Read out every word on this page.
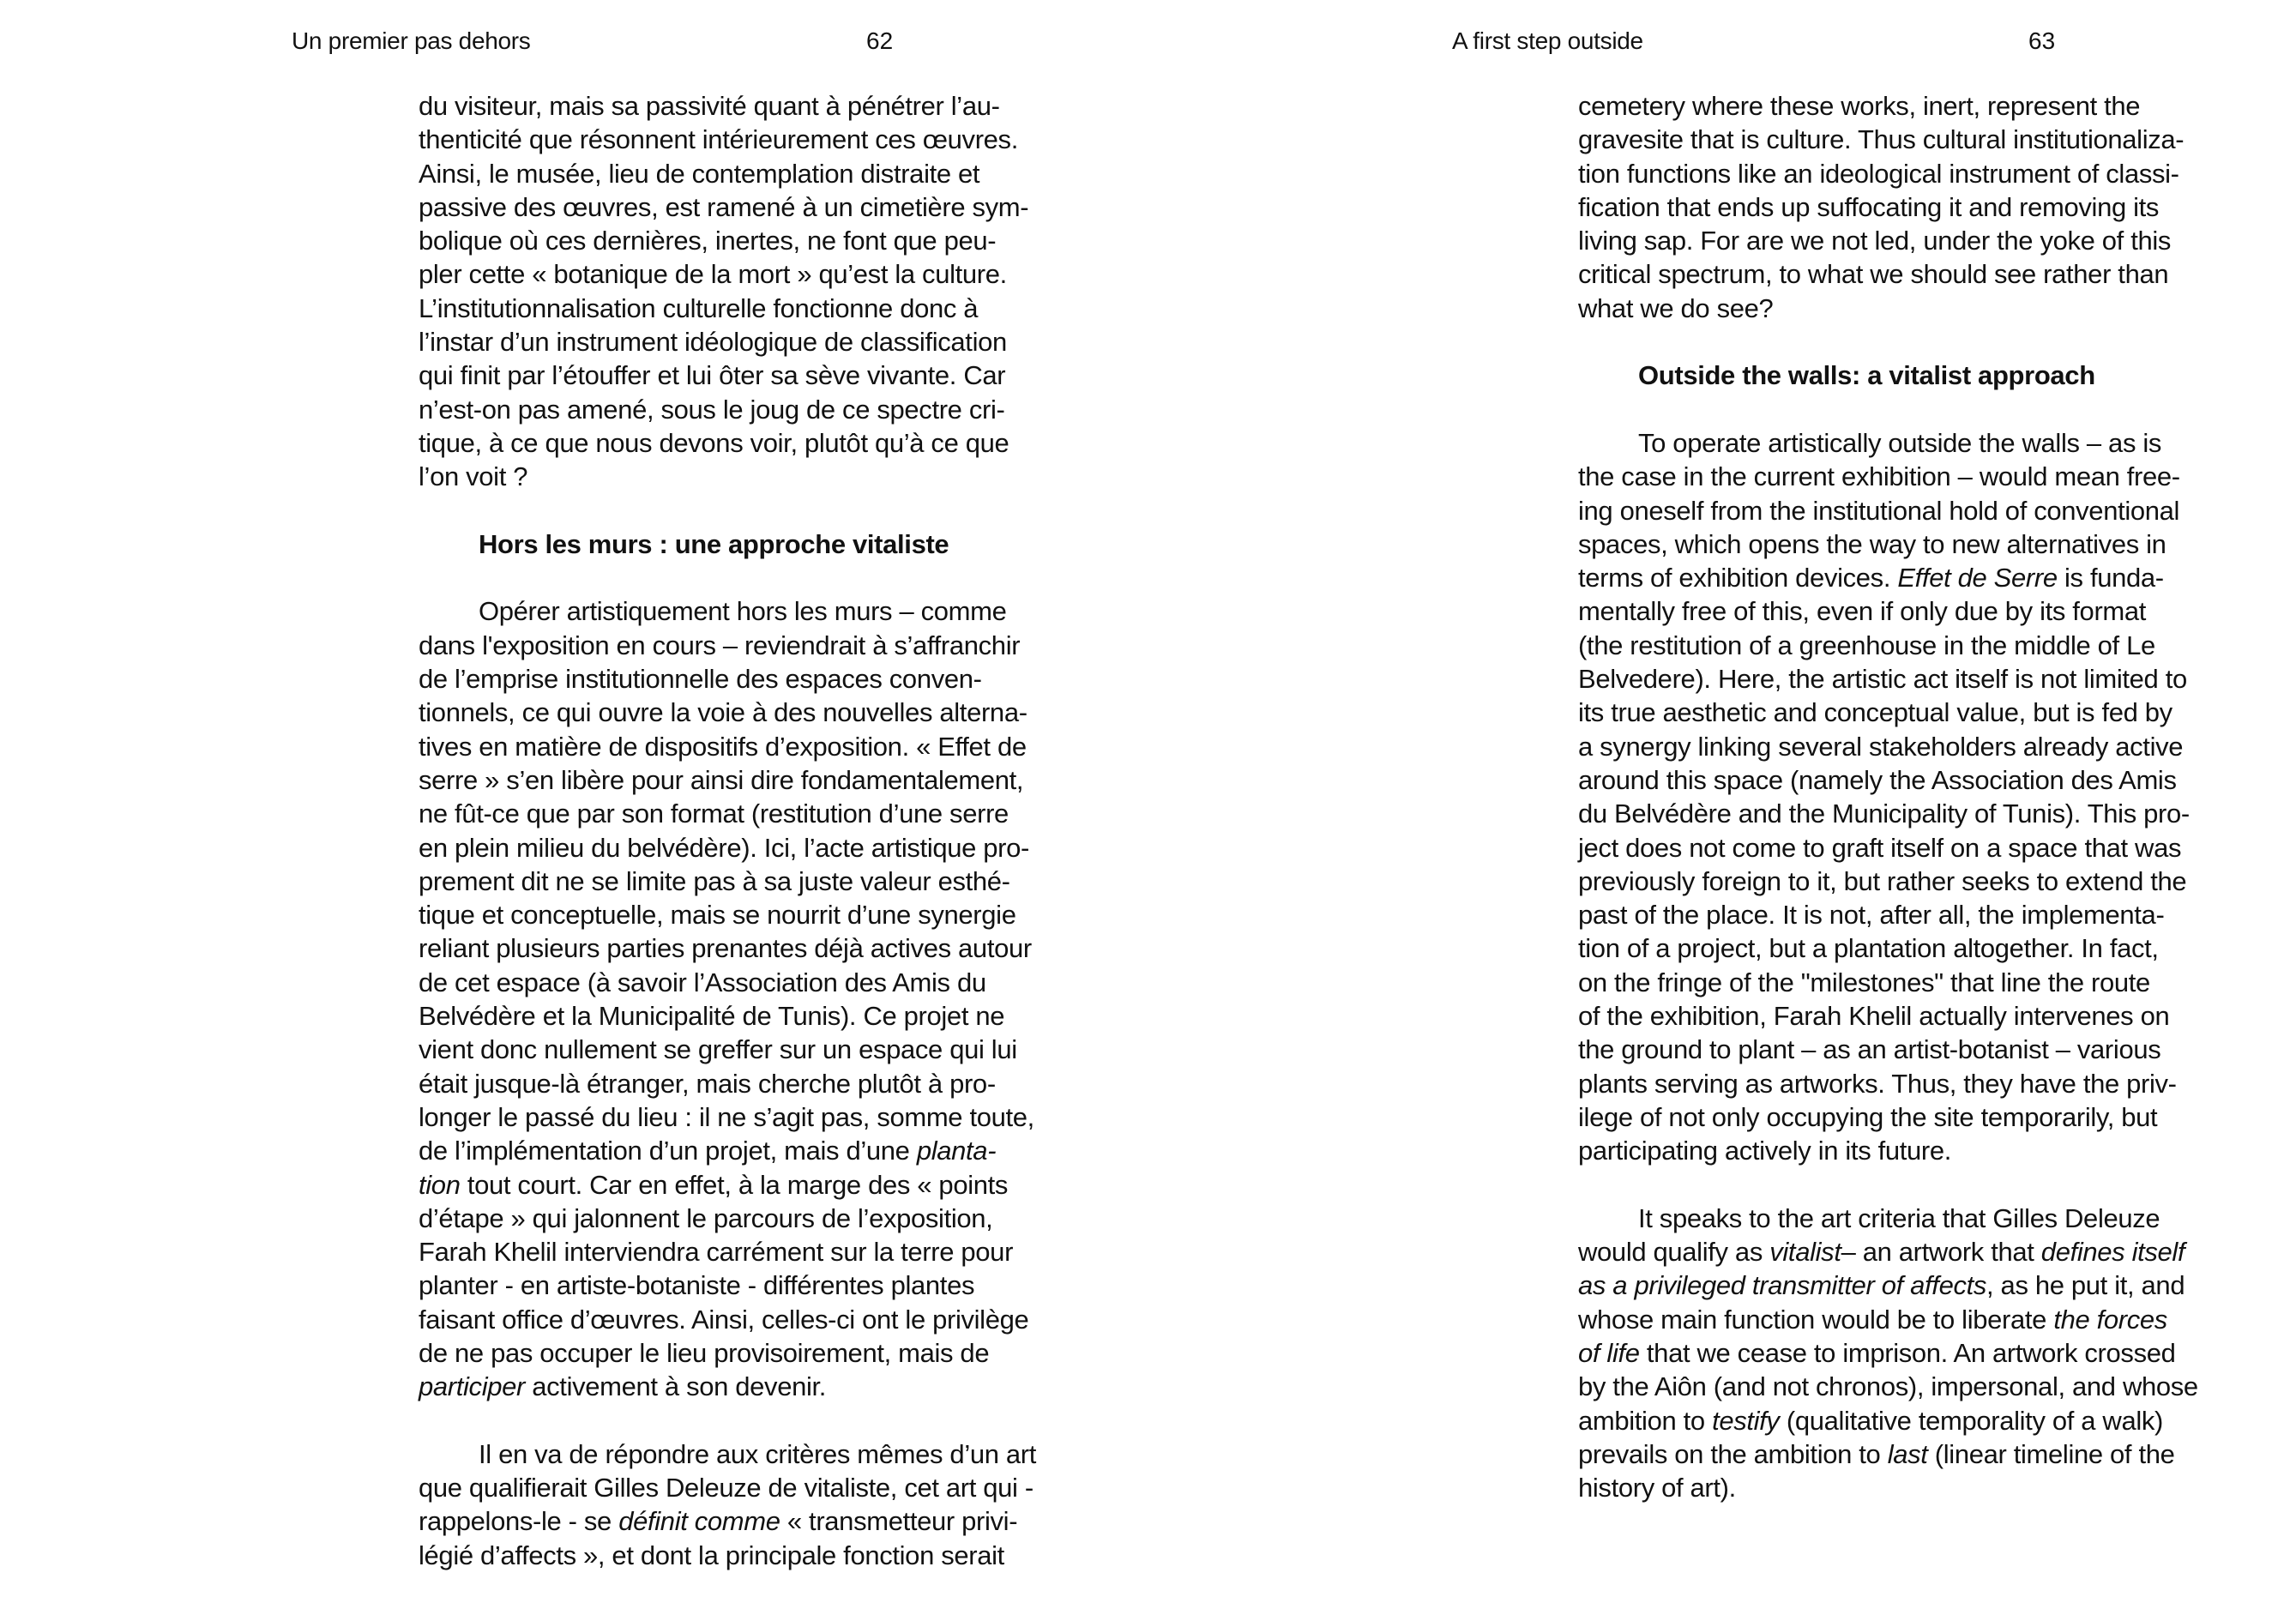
Un premier pas dehors	62

du visiteur, mais sa passivité quant à pénétrer l’au-
thenticité que résonnent intérieurement ces œuvres.
Ainsi, le musée, lieu de contemplation distraite et
passive des œuvres, est ramené à un cimetière sym-
bolique où ces dernières, inertes, ne font que peu-
pler cette « botanique de la mort » qu’est la culture.
L’institutionnalisation culturelle fonctionne donc à
l’instar d’un instrument idéologique de classification
qui finit par l’étouffer et lui ôter sa sève vivante. Car
n’est-on pas amené, sous le joug de ce spectre cri-
tique, à ce que nous devons voir, plutôt qu’à ce que
l’on voit ?

Hors les murs : une approche vitaliste

Opérer artistiquement hors les murs – comme
dans l'exposition en cours – reviendrait à s’affranchir
de l’emprise institutionnelle des espaces conven-
tionnels, ce qui ouvre la voie à des nouvelles alterna-
tives en matière de dispositifs d’exposition. « Effet de
serre » s’en libère pour ainsi dire fondamentalement,
ne fût-ce que par son format (restitution d’une serre
en plein milieu du belvédère). Ici, l’acte artistique pro-
prement dit ne se limite pas à sa juste valeur esthé-
tique et conceptuelle, mais se nourrit d’une synergie
reliant plusieurs parties prenantes déjà actives autour
de cet espace (à savoir l’Association des Amis du
Belvédère et la Municipalité de Tunis). Ce projet ne
vient donc nullement se greffer sur un espace qui lui
était jusque-là étranger, mais cherche plutôt à pro-
longer le passé du lieu : il ne s’agit pas, somme toute,
de l’implémentation d’un projet, mais d’une planta-
tion tout court. Car en effet, à la marge des « points
d’étape » qui jalonnent le parcours de l’exposition,
Farah Khelil interviendra carrément sur la terre pour
planter - en artiste-botaniste - différentes plantes
faisant office d’œuvres. Ainsi, celles-ci ont le privilège
de ne pas occuper le lieu provisoirement, mais de
participer activement à son devenir.

Il en va de répondre aux critères mêmes d’un art
que qualifierait Gilles Deleuze de vitaliste, cet art qui -
rappelons-le - se définit comme « transmetteur privi-
légié d’affects », et dont la principale fonction serait

A first step outside	63

cemetery where these works, inert, represent the
gravesite that is culture. Thus cultural institutionaliza-
tion functions like an ideological instrument of classi-
fication that ends up suffocating it and removing its
living sap. For are we not led, under the yoke of this
critical spectrum, to what we should see rather than
what we do see?

Outside the walls: a vitalist approach

To operate artistically outside the walls – as is
the case in the current exhibition – would mean free-
ing oneself from the institutional hold of conventional
spaces, which opens the way to new alternatives in
terms of exhibition devices. Effet de Serre is funda-
mentally free of this, even if only due by its format
(the restitution of a greenhouse in the middle of Le
Belvedere). Here, the artistic act itself is not limited to
its true aesthetic and conceptual value, but is fed by
a synergy linking several stakeholders already active
around this space (namely the Association des Amis
du Belvédère and the Municipality of Tunis). This pro-
ject does not come to graft itself on a space that was
previously foreign to it, but rather seeks to extend the
past of the place. It is not, after all, the implementa-
tion of a project, but a plantation altogether. In fact,
on the fringe of the "milestones" that line the route
of the exhibition, Farah Khelil actually intervenes on
the ground to plant – as an artist-botanist – various
plants serving as artworks. Thus, they have the priv-
ilege of not only occupying the site temporarily, but
participating actively in its future.

It speaks to the art criteria that Gilles Deleuze
would qualify as vitalist– an artwork that defines itself
as a privileged transmitter of affects, as he put it, and
whose main function would be to liberate the forces
of life that we cease to imprison. An artwork crossed
by the Aiôn (and not chronos), impersonal, and whose
ambition to testify (qualitative temporality of a walk)
prevails on the ambition to last (linear timeline of the
history of art).
